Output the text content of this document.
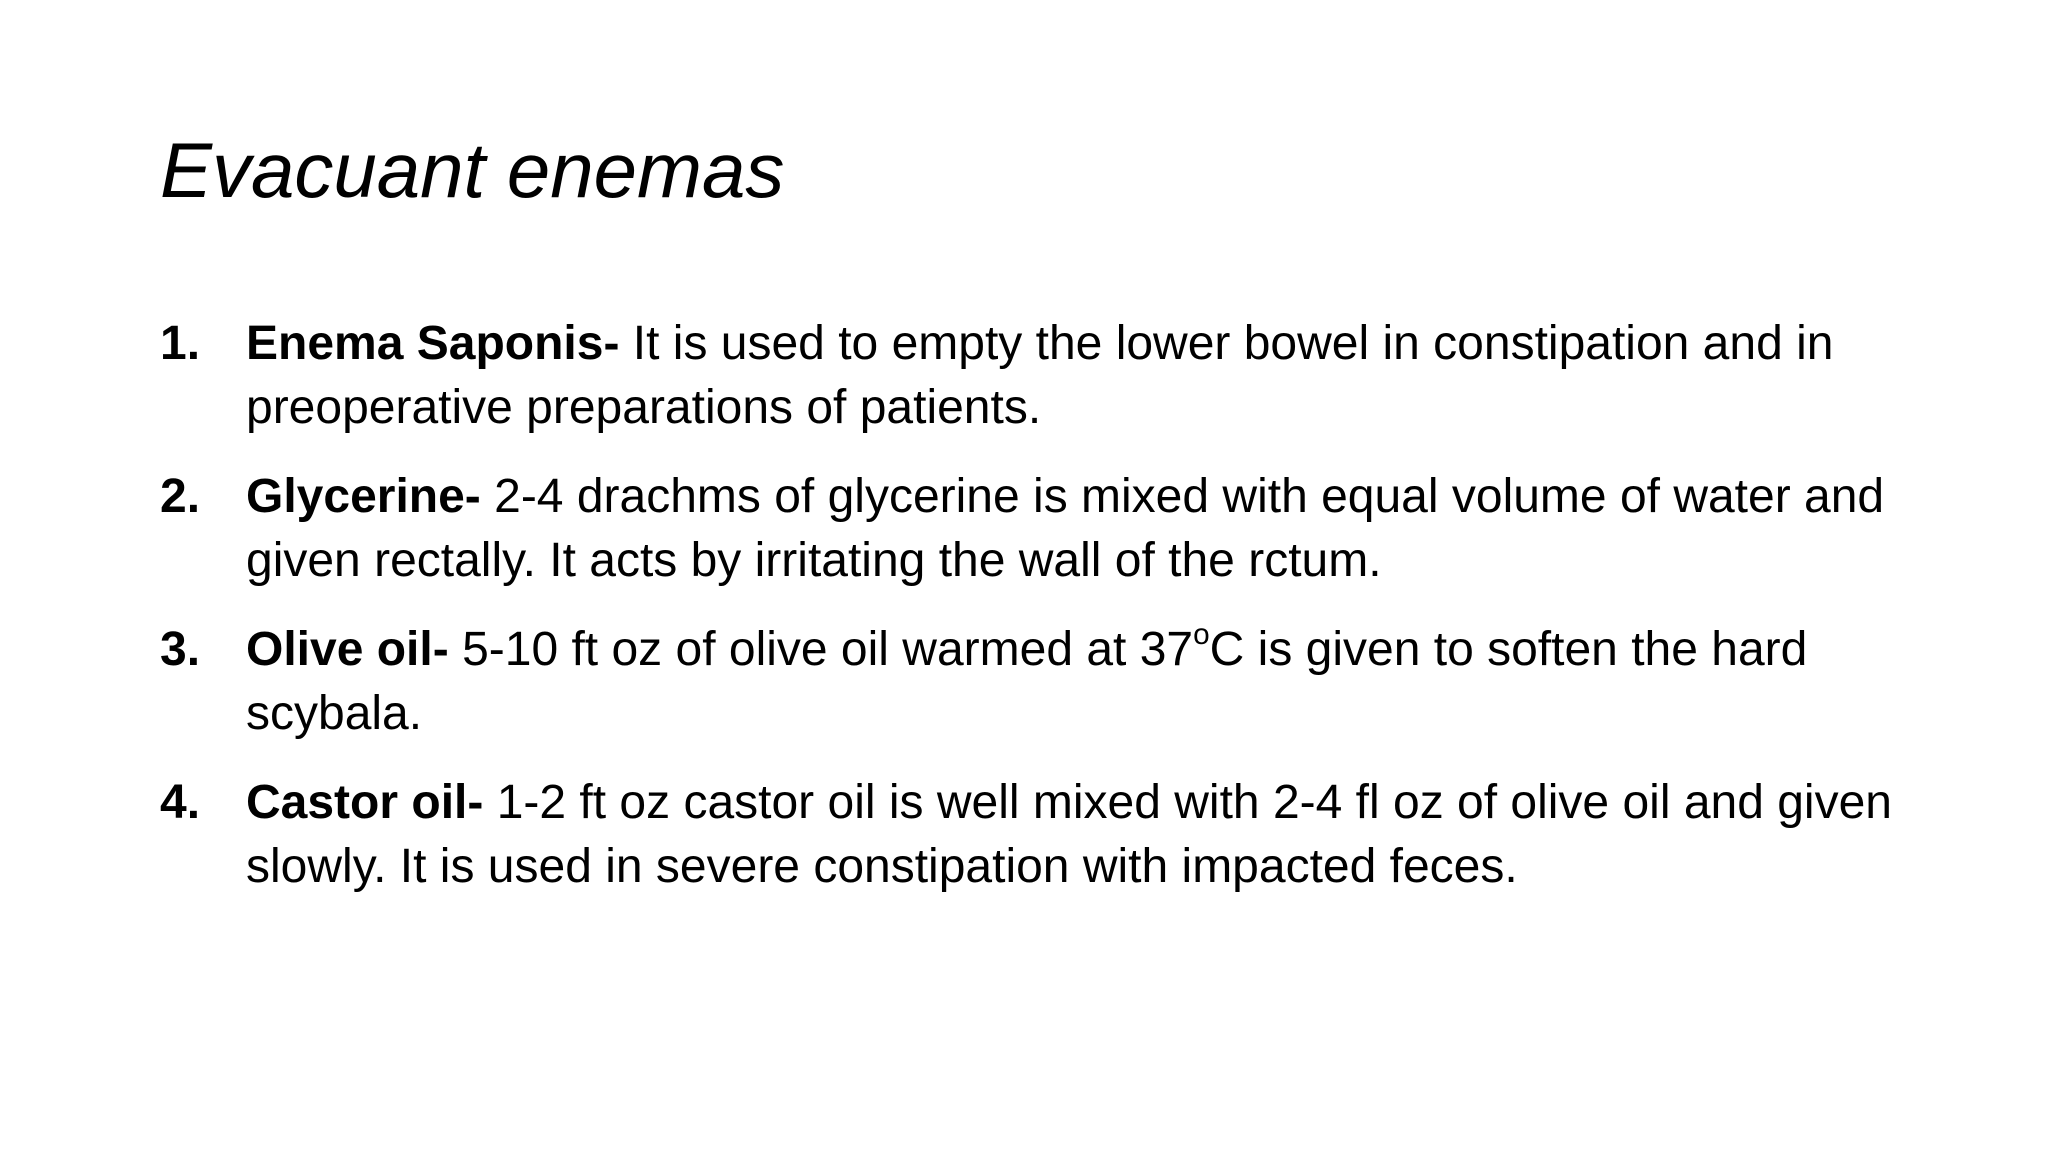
Evacuant enemas
1. Enema Saponis- It is used to empty the lower bowel in constipation and in preoperative preparations of patients.
2. Glycerine- 2-4 drachms of glycerine is mixed with equal volume of water and given rectally. It acts by irritating the wall of the rctum.
3. Olive oil- 5-10 ft oz of olive oil warmed at 37$^o$C is given to soften the hard scybala.
4. Castor oil- 1-2 ft oz castor oil is well mixed with 2-4 fl oz of olive oil and given slowly. It is used in severe constipation with impacted feces.
